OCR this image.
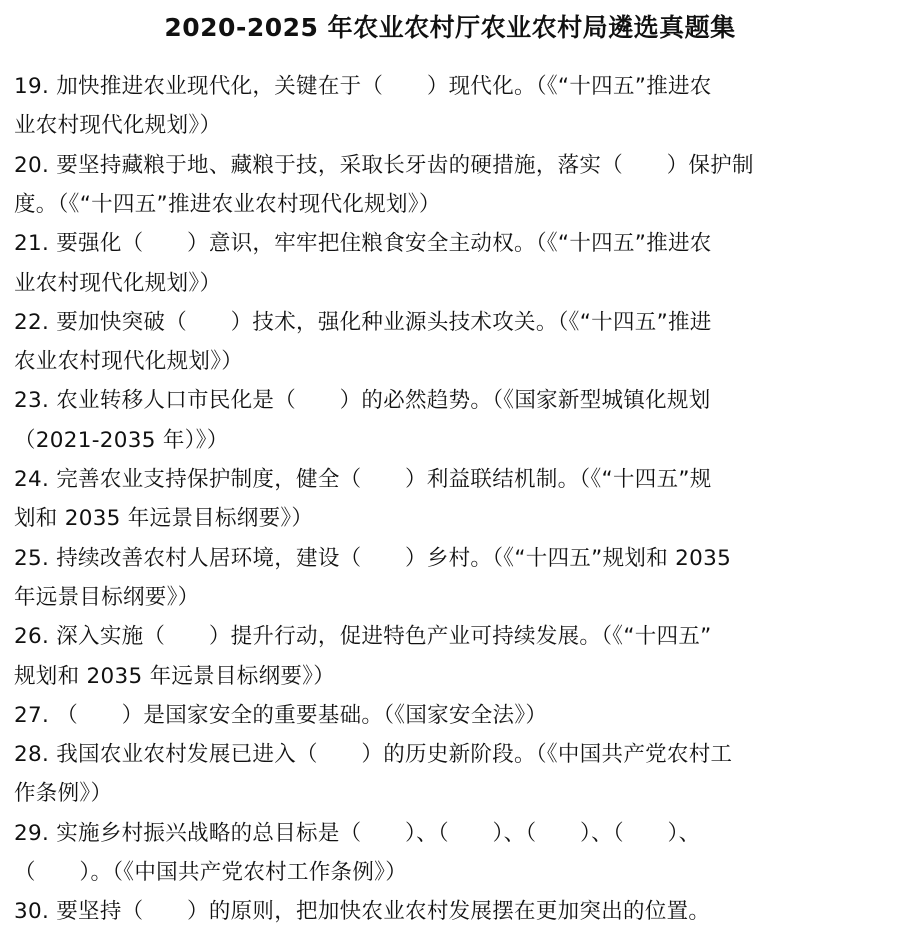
2020-2025 年农业农村厅农业农村局遴选真题集
19. 加快推进农业现代化，关键在于（　　）现代化。（《“十四五”推进农
业农村现代化规划》）
20. 要坚持藏粮于地、藏粮于技，采取长牙齿的硬措施，落实（　　）保护制
度。（《“十四五”推进农业农村现代化规划》）
21. 要强化（　　）意识，牢牢把住粮食安全主动权。（《“十四五”推进农
业农村现代化规划》）
22. 要加快突破（　　）技术，强化种业源头技术攻关。（《“十四五”推进
农业农村现代化规划》）
23. 农业转移人口市民化是（　　）的必然趋势。（《国家新型城镇化规划
（2021-2035 年）》）
24. 完善农业支持保护制度，健全（　　）利益联结机制。（《“十四五”规
划和 2035 年远景目标纲要》）
25. 持续改善农村人居环境，建设（　　）乡村。（《“十四五”规划和 2035
年远景目标纲要》）
26. 深入实施（　　）提升行动，促进特色产业可持续发展。（《“十四五”
规划和 2035 年远景目标纲要》）
27. （　　）是国家安全的重要基础。（《国家安全法》）
28. 我国农业农村发展已进入（　　）的历史新阶段。（《中国共产党农村工
作条例》）
29. 实施乡村振兴战略的总目标是（　　）、（　　）、（　　）、（　　）、
（　　）。（《中国共产党农村工作条例》）
30. 要坚持（　　）的原则，把加快农业农村发展摆在更加突出的位置。
